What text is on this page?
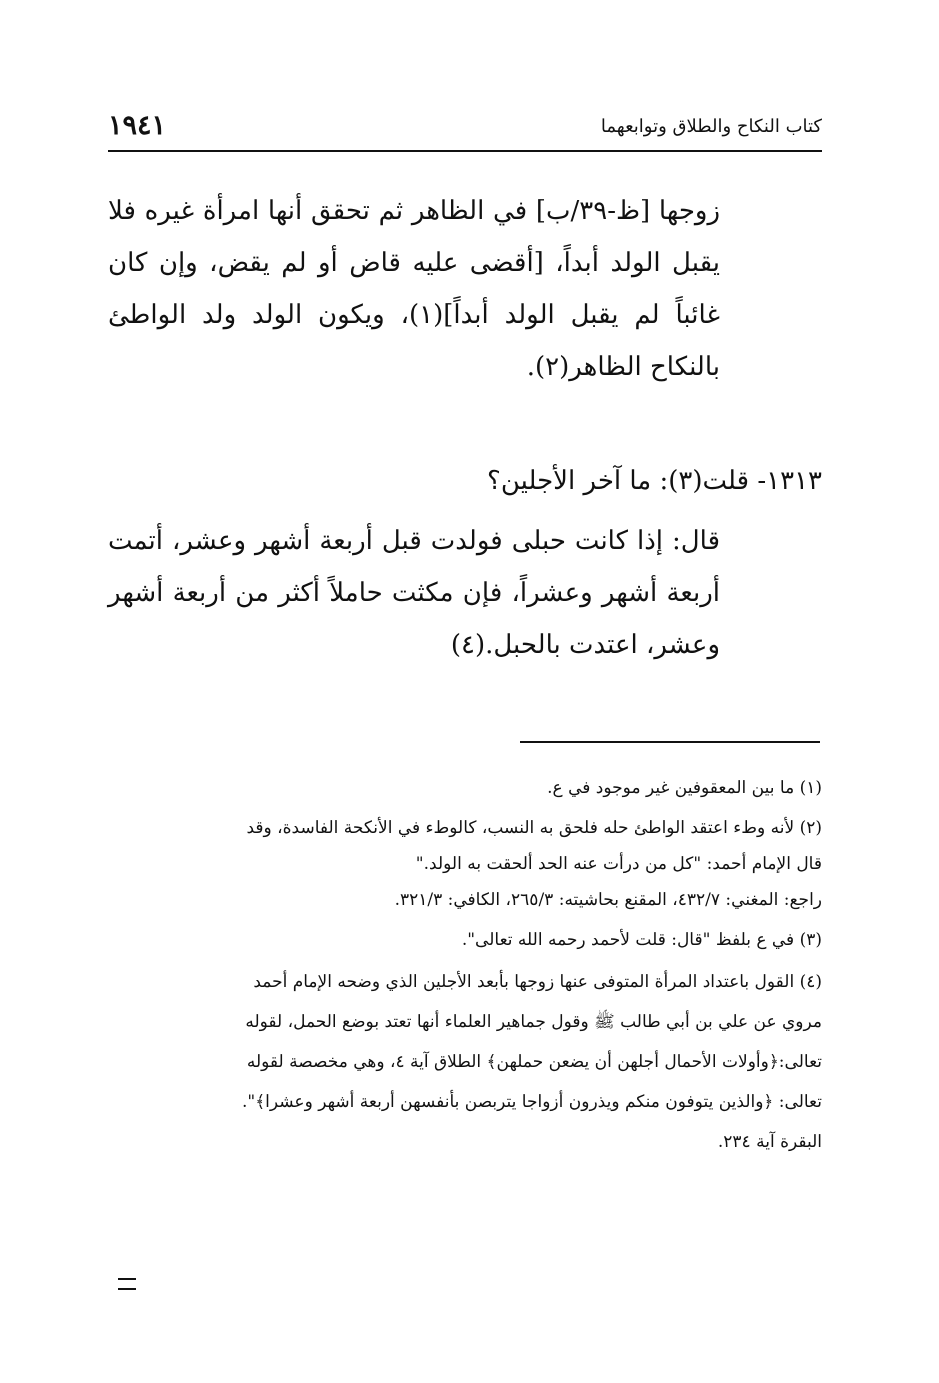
١٩٤١	كتاب النكاح والطلاق وتوابعهما

زوجها [ظ-٣٩/ب] في الظاهر ثم تحقق أنها امرأة غيره فلا يقبل الولد أبداً، [أقضى عليه قاض أو لم يقض، وإن كان غائباً لم يقبل الولد أبداً](١)، ويكون الولد ولد الواطئ بالنكاح الظاهر(٢).

١٣١٣- قلت(٣): ما آخر الأجلين؟

قال: إذا كانت حبلى فولدت قبل أربعة أشهر وعشر، أتمت أربعة أشهر وعشراً، فإن مكثت حاملاً أكثر من أربعة أشهر وعشر، اعتدت بالحبل.(٤)

(١) ما بين المعقوفين غير موجود في ع.

(٢) لأنه وطء اعتقد الواطئ حله فلحق به النسب، كالوطء في الأنكحة الفاسدة، وقد

قال الإمام أحمد: "كل من درأت عنه الحد ألحقت به الولد."

راجع: المغني: ٤٣٢/٧، المقنع بحاشيته: ٢٦٥/٣، الكافي: ٣٢١/٣.

(٣) في ع بلفظ "قال: قلت لأحمد رحمه الله تعالى".

(٤) القول باعتداد المرأة المتوفى عنها زوجها بأبعد الأجلين الذي وضحه الإمام أحمد

مروي عن علي بن أبي طالب ﷺ وقول جماهير العلماء أنها تعتد بوضع الحمل، لقوله

تعالى:﴿وأولات الأحمال أجلهن أن يضعن حملهن﴾ الطلاق آية ٤، وهي مخصصة لقوله

تعالى: ﴿والذين يتوفون منكم ويذرون أزواجا يتربصن بأنفسهن أربعة أشهر وعشرا﴾".

البقرة آية ٢٣٤.
